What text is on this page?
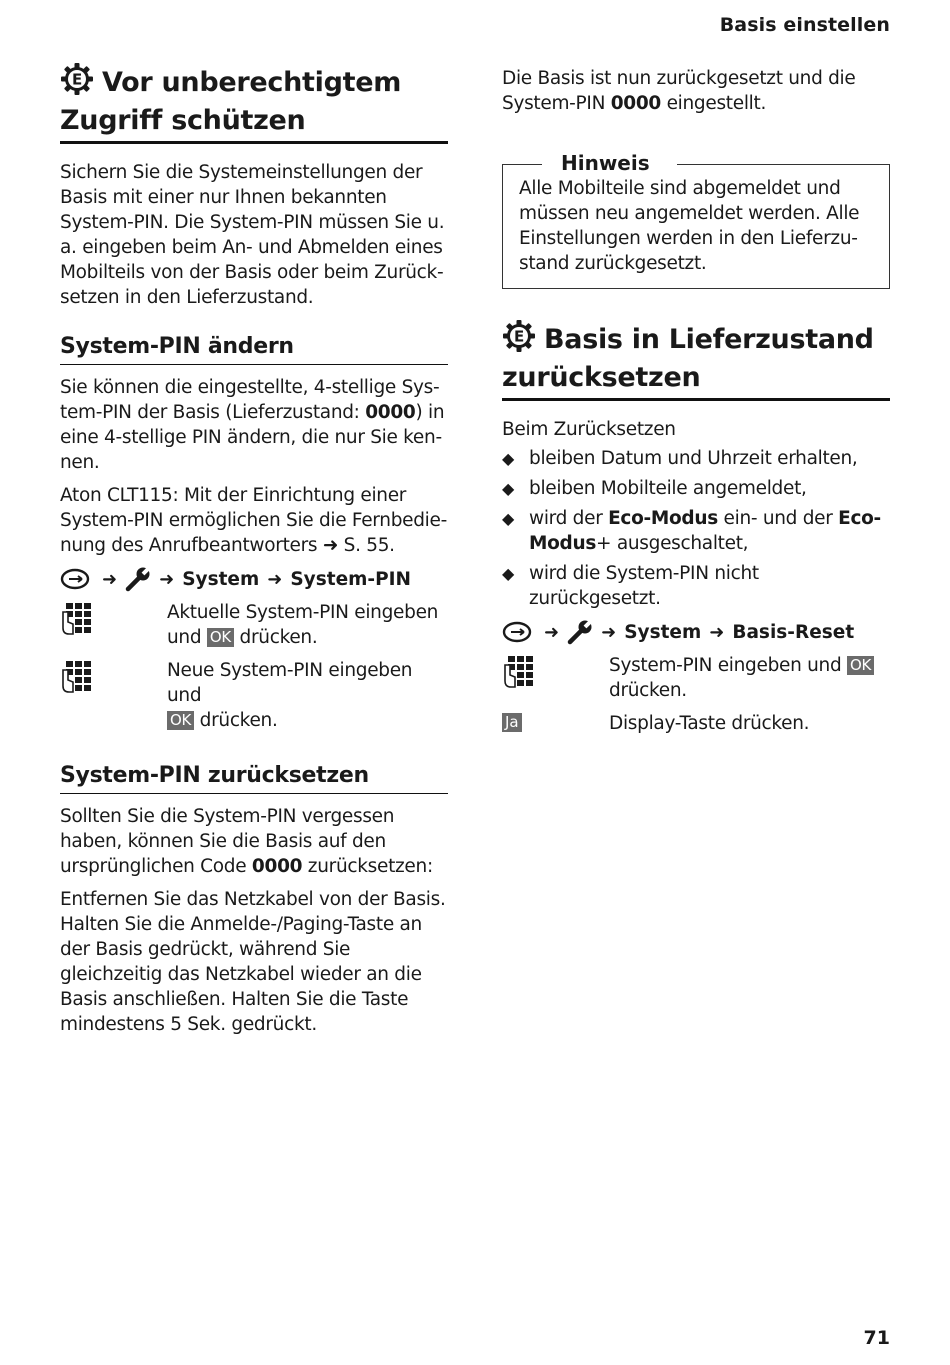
Basis einstellen
E Vor unberechtigtem Zugriff schützen

Sichern Sie die Systemeinstellungen der Basis mit einer nur Ihnen bekannten System-PIN. Die System-PIN müssen Sie u. a. eingeben beim An- und Abmelden eines Mobilteils von der Basis oder beim Zurücksetzen in den Lieferzustand.

System-PIN ändern

Sie können die eingestellte, 4-stellige System-PIN der Basis (Lieferzustand: 0000) in eine 4-stellige PIN ändern, die nur Sie kennen.

Aton CLT115: Mit der Einrichtung einer System-PIN ermöglichen Sie die Fernbedienung des Anrufbeantworters ➜ S. 55.

➜ ➜ System ➜ System-PIN
Aktuelle System-PIN eingeben und OK drücken.
Neue System-PIN eingeben und
OK drücken.
System-PIN zurücksetzen

Sollten Sie die System-PIN vergessen haben, können Sie die Basis auf den ursprünglichen Code 0000 zurücksetzen:

Entfernen Sie das Netzkabel von der Basis. Halten Sie die Anmelde-/Paging-Taste an der Basis gedrückt, während Sie gleichzeitig das Netzkabel wieder an die Basis anschließen. Halten Sie die Taste mindestens 5 Sek. gedrückt.

Die Basis ist nun zurückgesetzt und die System-PIN 0000 eingestellt.

Hinweis

Alle Mobilteile sind abgemeldet und müssen neu angemeldet werden. Alle Einstellungen werden in den Lieferzustand zurückgesetzt.

E Basis in Lieferzustand zurücksetzen

Beim Zurücksetzen

◆ bleiben Datum und Uhrzeit erhalten,
◆ bleiben Mobilteile angemeldet,
◆ wird der Eco-Modus ein- und der Eco-Modus+ ausgeschaltet,
◆ wird die System-PIN nicht zurückgesetzt.
➜ ➜ System ➜ Basis-Reset
System-PIN eingeben und OK
drücken.
Ja	Display-Taste drücken.
71
